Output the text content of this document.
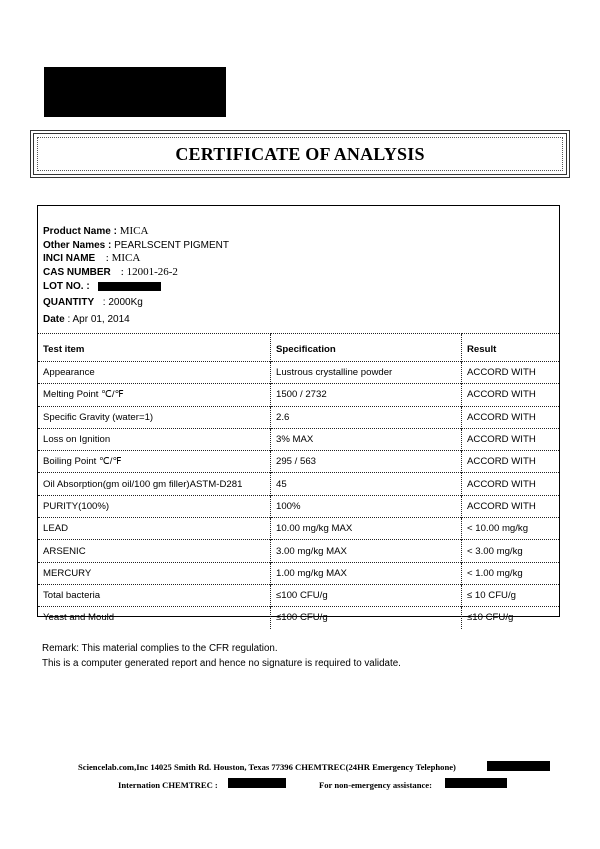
CERTIFICATE OF ANALYSIS
Product Name : MICA
Other Names : PEARLSCENT PIGMENT
INCI NAME : MICA
CAS NUMBER : 12001-26-2
LOT NO. :
QUANTITY : 2000Kg
Date : Apr 01, 2014
Test item	Specification	Result
Appearance	Lustrous crystalline powder	ACCORD WITH
Melting Point ℃/℉	1500 / 2732	ACCORD WITH
Specific Gravity (water=1)	2.6	ACCORD WITH
Loss on Ignition	3% MAX	ACCORD WITH
Boiling Point ℃/℉	295 / 563	ACCORD WITH
Oil Absorption(gm oil/100 gm filler)ASTM-D281	45	ACCORD WITH
PURITY(100%)	100%	ACCORD WITH
LEAD	10.00 mg/kg MAX	< 10.00 mg/kg
ARSENIC	3.00 mg/kg MAX	< 3.00 mg/kg
MERCURY	1.00 mg/kg MAX	< 1.00 mg/kg
Total bacteria	≤100 CFU/g	≤ 10 CFU/g
Yeast and Mould	≤100 CFU/g	≤10 CFU/g
Remark: This material complies to the CFR regulation.
This is a computer generated report and hence no signature is required to validate.
Sciencelab.com,Inc 14025 Smith Rd. Houston, Texas 77396 CHEMTREC(24HR Emergency Telephone)
Internation CHEMTREC :	For non-emergency assistance:
